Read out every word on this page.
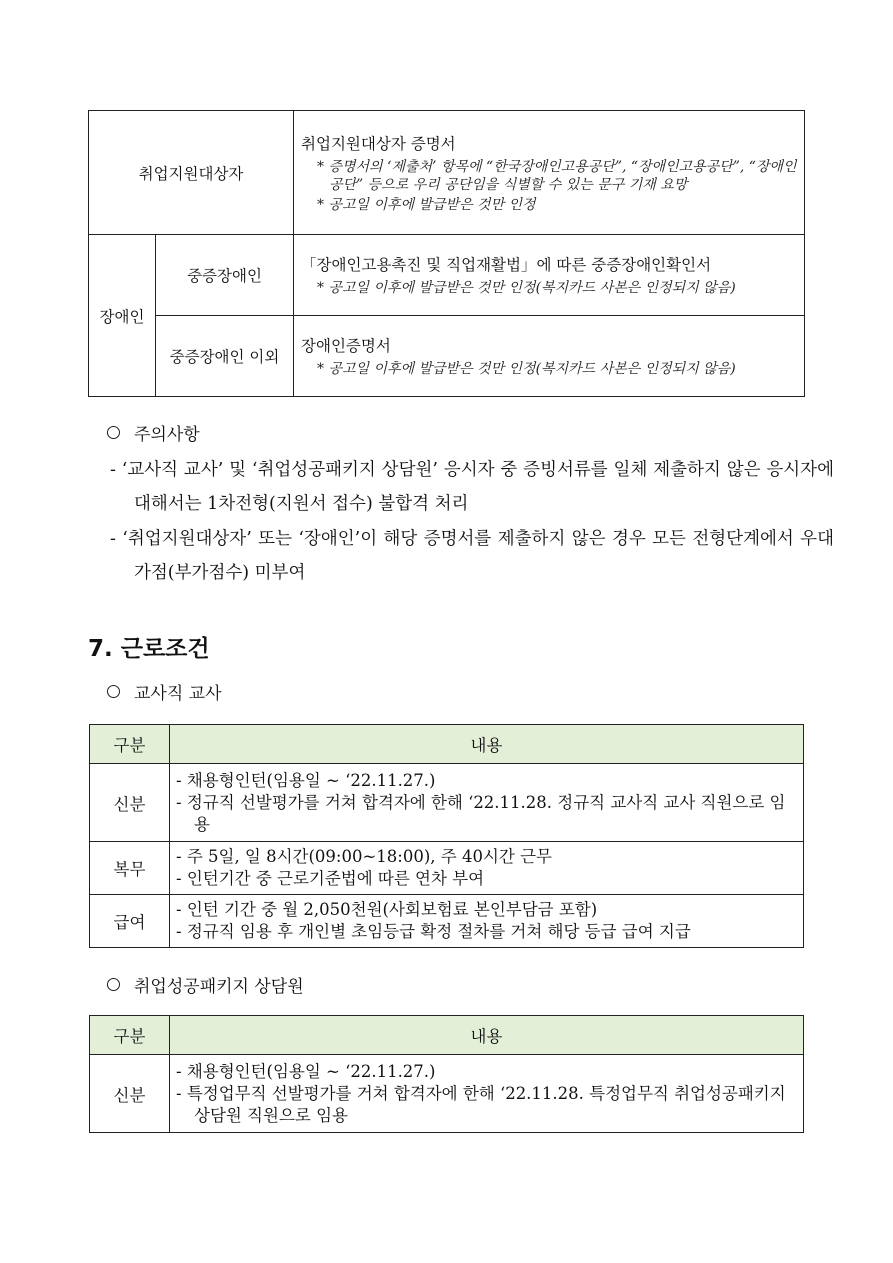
취업지원대상자		취업지원대상자 증명서
* 증명서의 ‘제출처’ 항목에 “한국장애인고용공단”, “장애인고용공단”, “장애인공단” 등으로 우리 공단임을 식별할 수 있는 문구 기재 요망
* 공고일 이후에 발급받은 것만 인정

장애인	중증장애인	「장애인고용촉진 및 직업재활법」에 따른 중증장애인확인서
* 공고일 이후에 발급받은 것만 인정(복지카드 사본은 인정되지 않음)

	중증장애인 이외	장애인증명서
* 공고일 이후에 발급받은 것만 인정(복지카드 사본은 인정되지 않음)
주의사항
- ‘교사직 교사’ 및 ‘취업성공패키지 상담원’ 응시자 중 증빙서류를 일체 제출하지 않은 응시자에 대해서는 1차전형(지원서 접수) 불합격 처리
- ‘취업지원대상자’ 또는 ‘장애인’이 해당 증명서를 제출하지 않은 경우 모든 전형단계에서 우대가점(부가점수) 미부여
7. 근로조건
교사직 교사
구분	내용
신분	- 채용형인턴(임용일 ~ ‘22.11.27.)
- 정규직 선발평가를 거쳐 합격자에 한해 ‘22.11.28. 정규직 교사직 교사 직원으로 임용

복무	- 주 5일, 일 8시간(09:00~18:00), 주 40시간 근무
- 인턴기간 중 근로기준법에 따른 연차 부여

급여	- 인턴 기간 중 월 2,050천원(사회보험료 본인부담금 포함)
- 정규직 임용 후 개인별 초임등급 확정 절차를 거쳐 해당 등급 급여 지급
취업성공패키지 상담원
구분	내용
신분	- 채용형인턴(임용일 ~ ‘22.11.27.)
- 특정업무직 선발평가를 거쳐 합격자에 한해 ‘22.11.28. 특정업무직 취업성공패키지 상담원 직원으로 임용
